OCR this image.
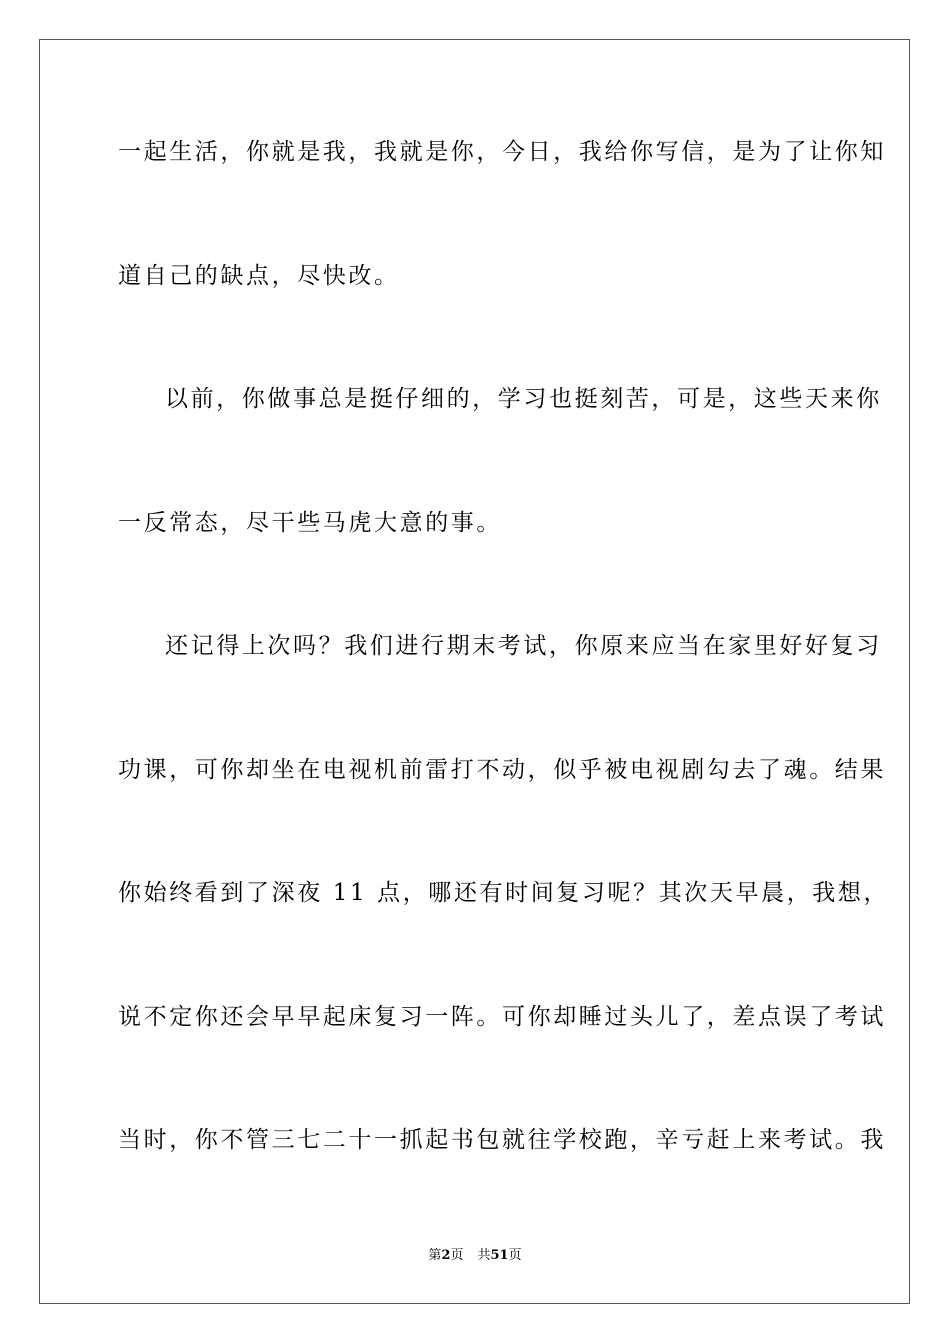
一起生活，你就是我，我就是你，今日，我给你写信，是为了让你知
道自己的缺点，尽快改。
以前，你做事总是挺仔细的，学习也挺刻苦，可是，这些天来你
一反常态，尽干些马虎大意的事。
还记得上次吗？我们进行期末考试，你原来应当在家里好好复习
功课，可你却坐在电视机前雷打不动，似乎被电视剧勾去了魂。结果
你始终看到了深夜 11 点，哪还有时间复习呢？其次天早晨，我想，
说不定你还会早早起床复习一阵。可你却睡过头儿了，差点误了考试
当时，你不管三七二十一抓起书包就往学校跑，辛亏赶上来考试。我
第2页 共51页
